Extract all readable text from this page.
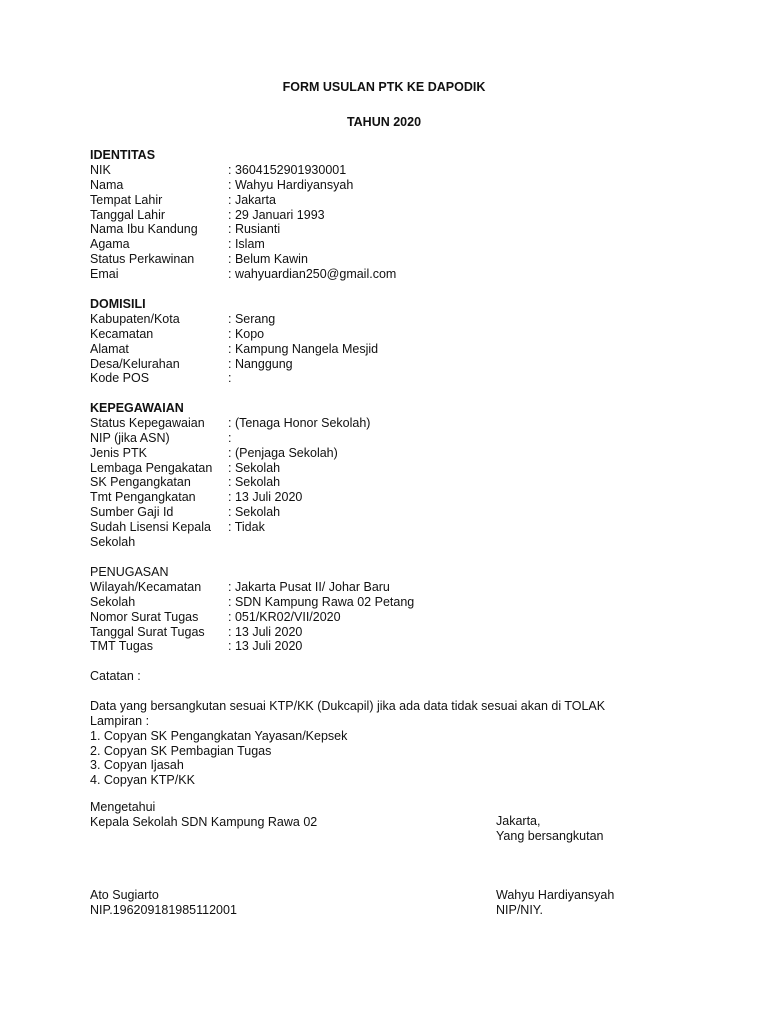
FORM USULAN PTK KE DAPODIK
TAHUN 2020
IDENTITAS
NIK	: 3604152901930001
Nama	: Wahyu Hardiyansyah
Tempat Lahir	: Jakarta
Tanggal Lahir	: 29 Januari 1993
Nama Ibu Kandung	: Rusianti
Agama	: Islam
Status Perkawinan	: Belum Kawin
Emai	: wahyuardian250@gmail.com
DOMISILI
Kabupaten/Kota	: Serang
Kecamatan	: Kopo
Alamat	: Kampung Nangela Mesjid
Desa/Kelurahan	: Nanggung
Kode POS	:
KEPEGAWAIAN
Status Kepegawaian	: (Tenaga Honor Sekolah)
NIP (jika ASN)	:
Jenis PTK	: (Penjaga Sekolah)
Lembaga Pengakatan	: Sekolah
SK Pengangkatan	: Sekolah
Tmt Pengangkatan	: 13 Juli 2020
Sumber Gaji Id	: Sekolah
Sudah Lisensi Kepala Sekolah
: Tidak
PENUGASAN
Wilayah/Kecamatan	: Jakarta Pusat II/ Johar Baru
Sekolah	: SDN Kampung Rawa 02 Petang
Nomor Surat Tugas	: 051/KR02/VII/2020
Tanggal Surat Tugas	: 13 Juli 2020
TMT Tugas	: 13 Juli 2020
Catatan :
Data yang bersangkutan sesuai KTP/KK (Dukcapil) jika ada data tidak sesuai akan di TOLAK
Lampiran :
1. Copyan SK Pengangkatan Yayasan/Kepsek
2. Copyan SK Pembagian Tugas
3. Copyan Ijasah
4. Copyan KTP/KK
Mengetahui
Kepala Sekolah SDN Kampung Rawa 02	Jakarta,
Yang bersangkutan
Ato Sugiarto
NIP.196209181985112001
Wahyu Hardiyansyah
NIP/NIY.
